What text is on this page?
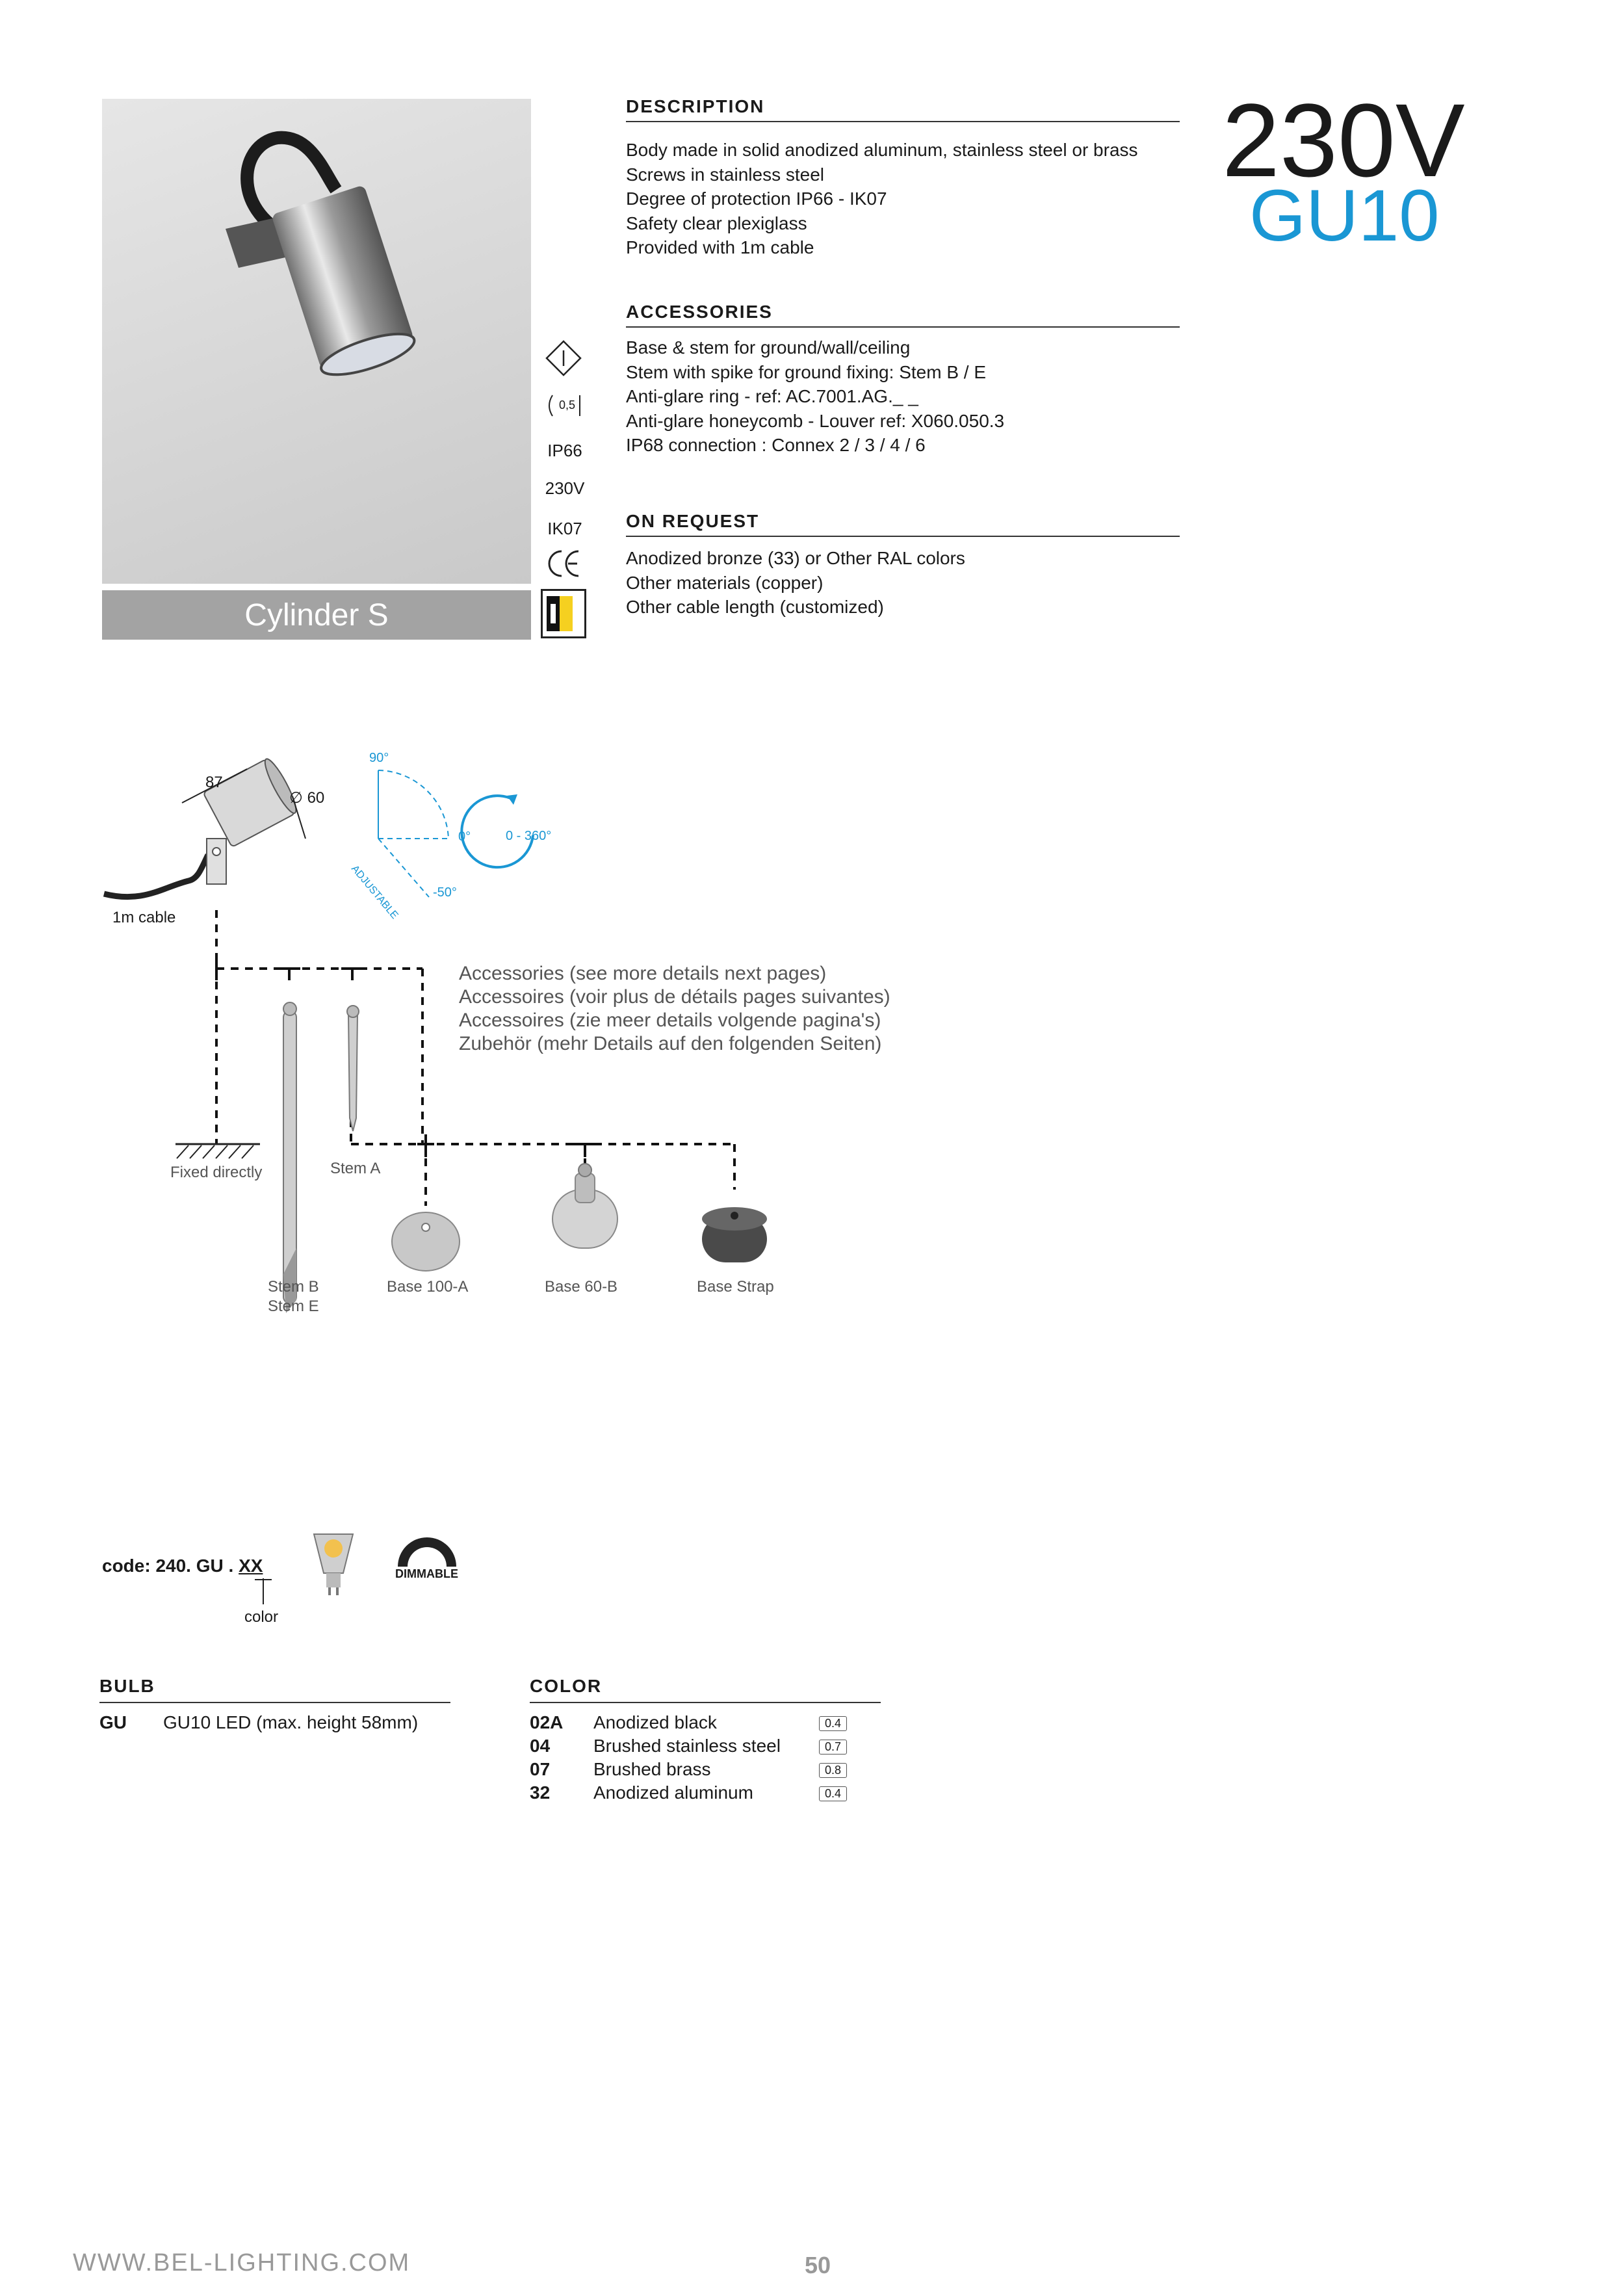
Cylinder S
0,5
IP66
230V
IK07
DESCRIPTION
Body made in solid anodized aluminum, stainless steel or brass
Screws in stainless steel
Degree of protection IP66 - IK07
Safety clear plexiglass
Provided with 1m cable
ACCESSORIES
Base & stem for ground/wall/ceiling
Stem with spike for ground fixing: Stem B / E
Anti-glare ring - ref: AC.7001.AG._ _
Anti-glare honeycomb - Louver ref: X060.050.3
IP68 connection : Connex 2 / 3 / 4 / 6
ON REQUEST
Anodized bronze (33) or Other RAL colors
Other materials (copper)
Other cable length (customized)
230V
GU10
87
∅ 60
90°
0°
-50°
ADJUSTABLE
0 - 360°
1m cable
Accessories (see more details next pages)
Accessoires (voir plus de détails pages suivantes)
Accessoires (zie meer details volgende pagina's)
Zubehör (mehr Details auf den folgenden Seiten)
Fixed directly	Stem A
Stem B
Stem E
Base 100-A	Base 60-B	Base Strap
code: 240. GU . XX
color
DIMMABLE
BULB
GU GU10 LED (max. height 58mm)
COLOR
02A Anodized black	0.4
04 Brushed stainless steel	0.7
07 Brushed brass	0.8
32 Anodized aluminum	0.4
WWW.BEL-LIGHTING.COM	50
